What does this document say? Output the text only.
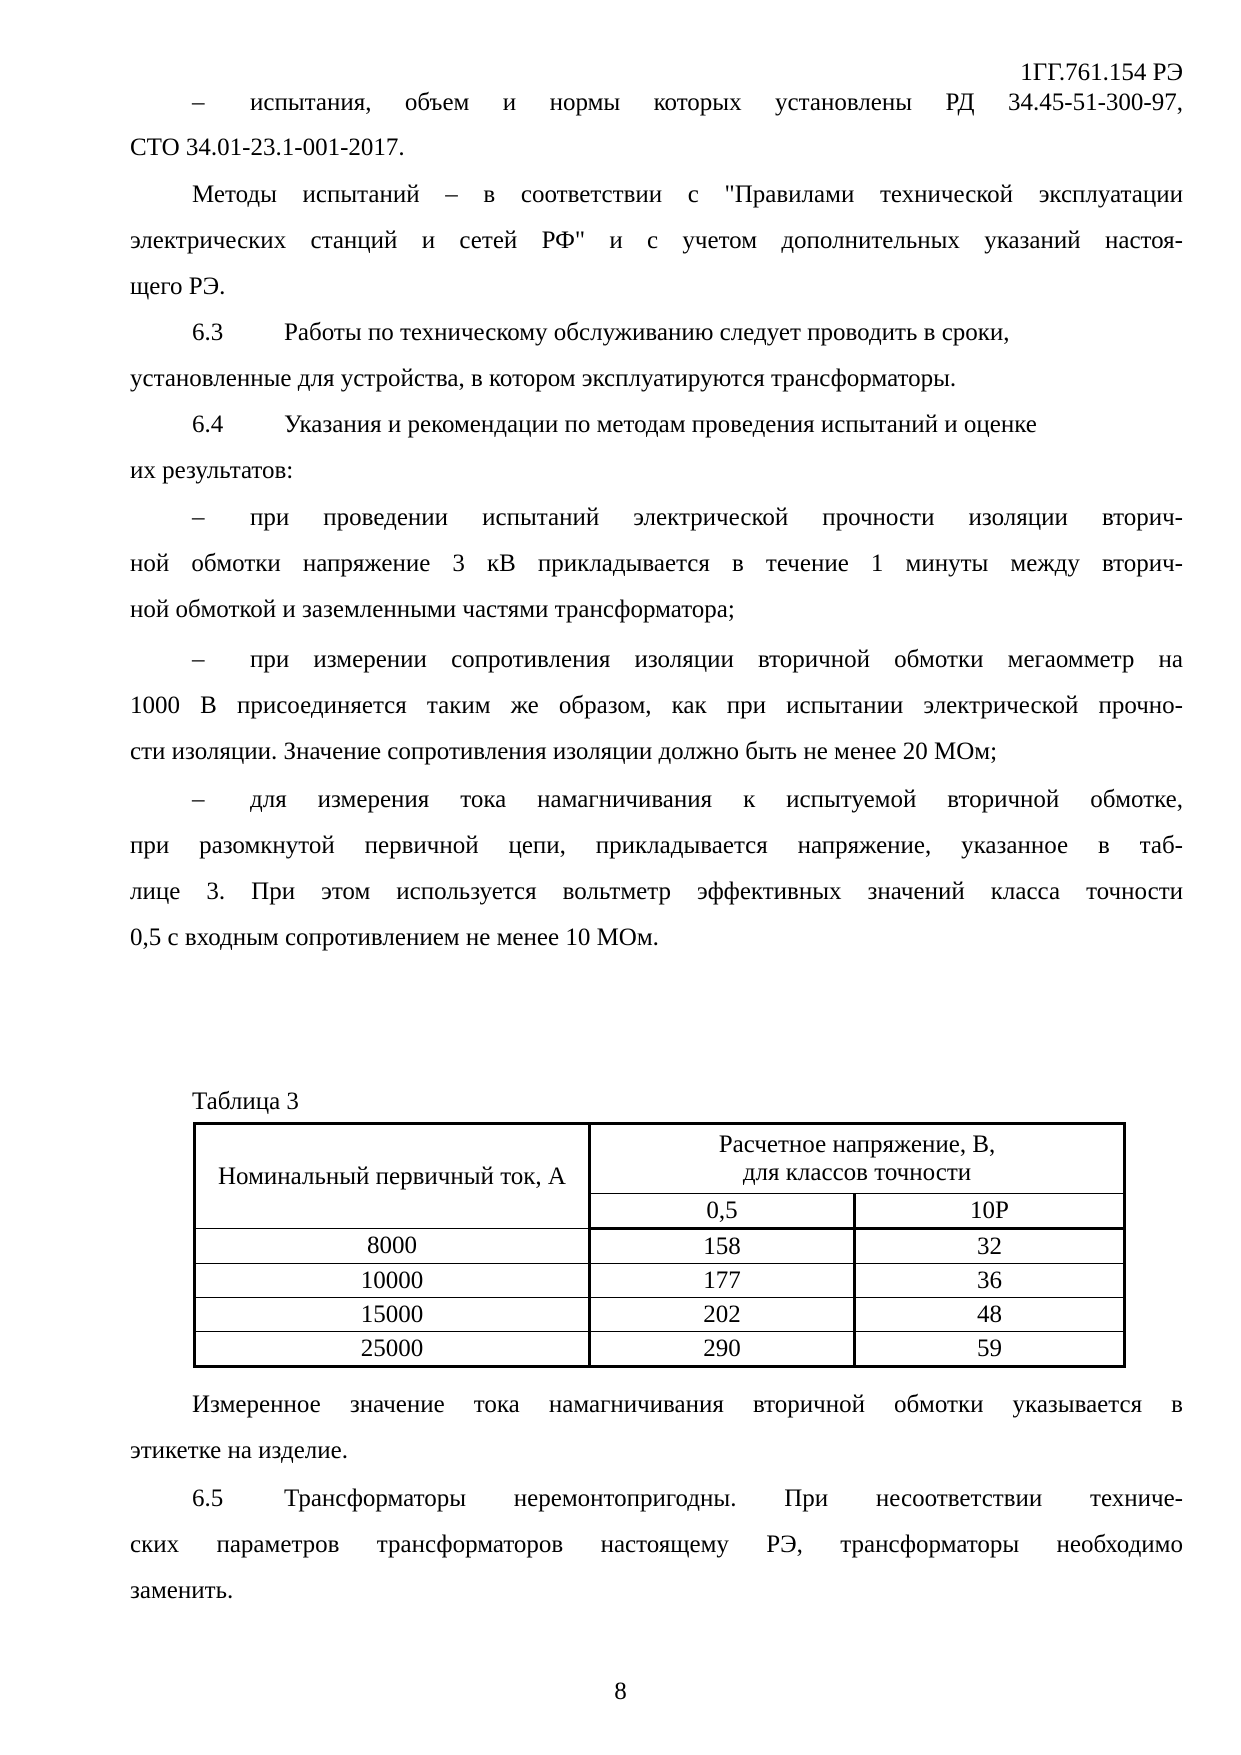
1ГГ.761.154 РЭ
– испытания, объем и нормы которых установлены РД 34.45-51-300-97,
СТО 34.01-23.1-001-2017.
Методы испытаний – в соответствии с "Правилами технической эксплуатации
электрических станций и сетей РФ" и с учетом дополнительных указаний настоя-
щего РЭ.
6.3 Работы по техническому обслуживанию следует проводить в сроки,
установленные для устройства, в котором эксплуатируются трансформаторы.
6.4 Указания и рекомендации по методам проведения испытаний и оценке
их результатов:
– при проведении испытаний электрической прочности изоляции вторич-
ной обмотки напряжение 3 кВ прикладывается в течение 1 минуты между вторич-
ной обмоткой и заземленными частями трансформатора;
– при измерении сопротивления изоляции вторичной обмотки мегаомметр на
1000 В присоединяется таким же образом, как при испытании электрической прочно-
сти изоляции. Значение сопротивления изоляции должно быть не менее 20 МОм;
– для измерения тока намагничивания к испытуемой вторичной обмотке,
при разомкнутой первичной цепи, прикладывается напряжение, указанное в таб-
лице 3. При этом используется вольтметр эффективных значений класса точности
0,5 с входным сопротивлением не менее 10 МОм.
Измеренное значение тока намагничивания вторичной обмотки указывается в
этикетке на изделие.
6.5 Трансформаторы неремонтопригодны. При несоответствии техниче-
ских параметров трансформаторов настоящему РЭ, трансформаторы необходимо
заменить.
Таблица 3
Номинальный первичный ток, А	Расчетное напряжение, В,
для классов точности	

	0,5	10Р
8000	158	32
10000	177	36
15000	202	48
25000	290	59
8
